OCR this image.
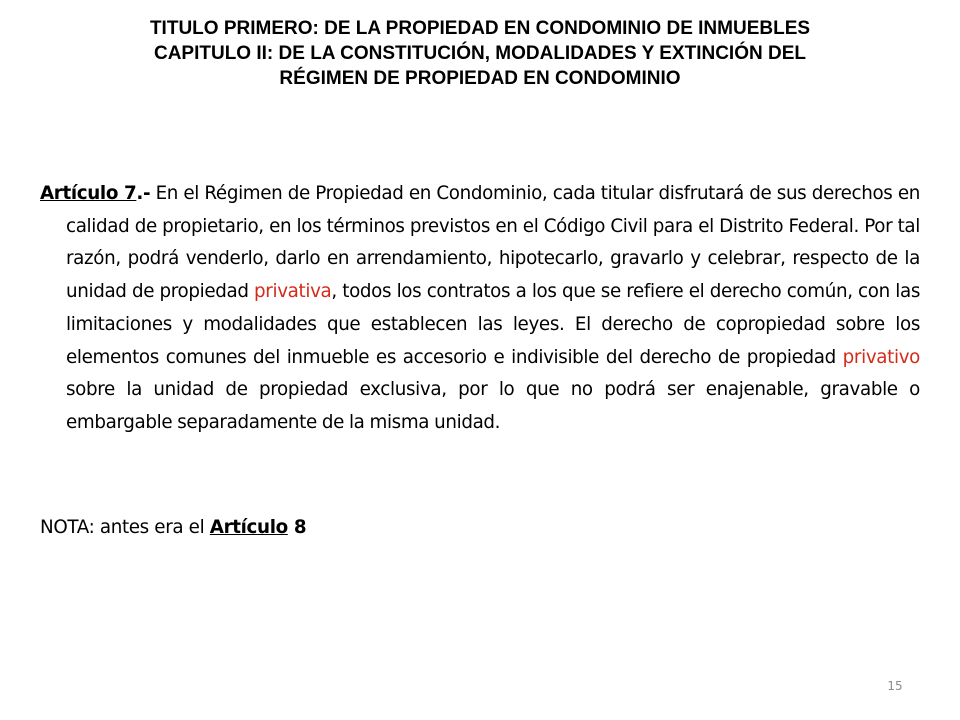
TITULO PRIMERO: DE LA PROPIEDAD EN CONDOMINIO DE INMUEBLES
CAPITULO II: DE LA CONSTITUCIÓN, MODALIDADES Y EXTINCIÓN DEL
RÉGIMEN DE PROPIEDAD EN CONDOMINIO
Artículo 7.- En el Régimen de Propiedad en Condominio, cada titular disfrutará de sus derechos en calidad de propietario, en los términos previstos en el Código Civil para el Distrito Federal. Por tal razón, podrá venderlo, darlo en arrendamiento, hipotecarlo, gravarlo y celebrar, respecto de la unidad de propiedad privativa, todos los contratos a los que se refiere el derecho común, con las limitaciones y modalidades que establecen las leyes. El derecho de copropiedad sobre los elementos comunes del inmueble es accesorio e indivisible del derecho de propiedad privativo sobre la unidad de propiedad exclusiva, por lo que no podrá ser enajenable, gravable o embargable separadamente de la misma unidad.
NOTA: antes era el Artículo 8
15
